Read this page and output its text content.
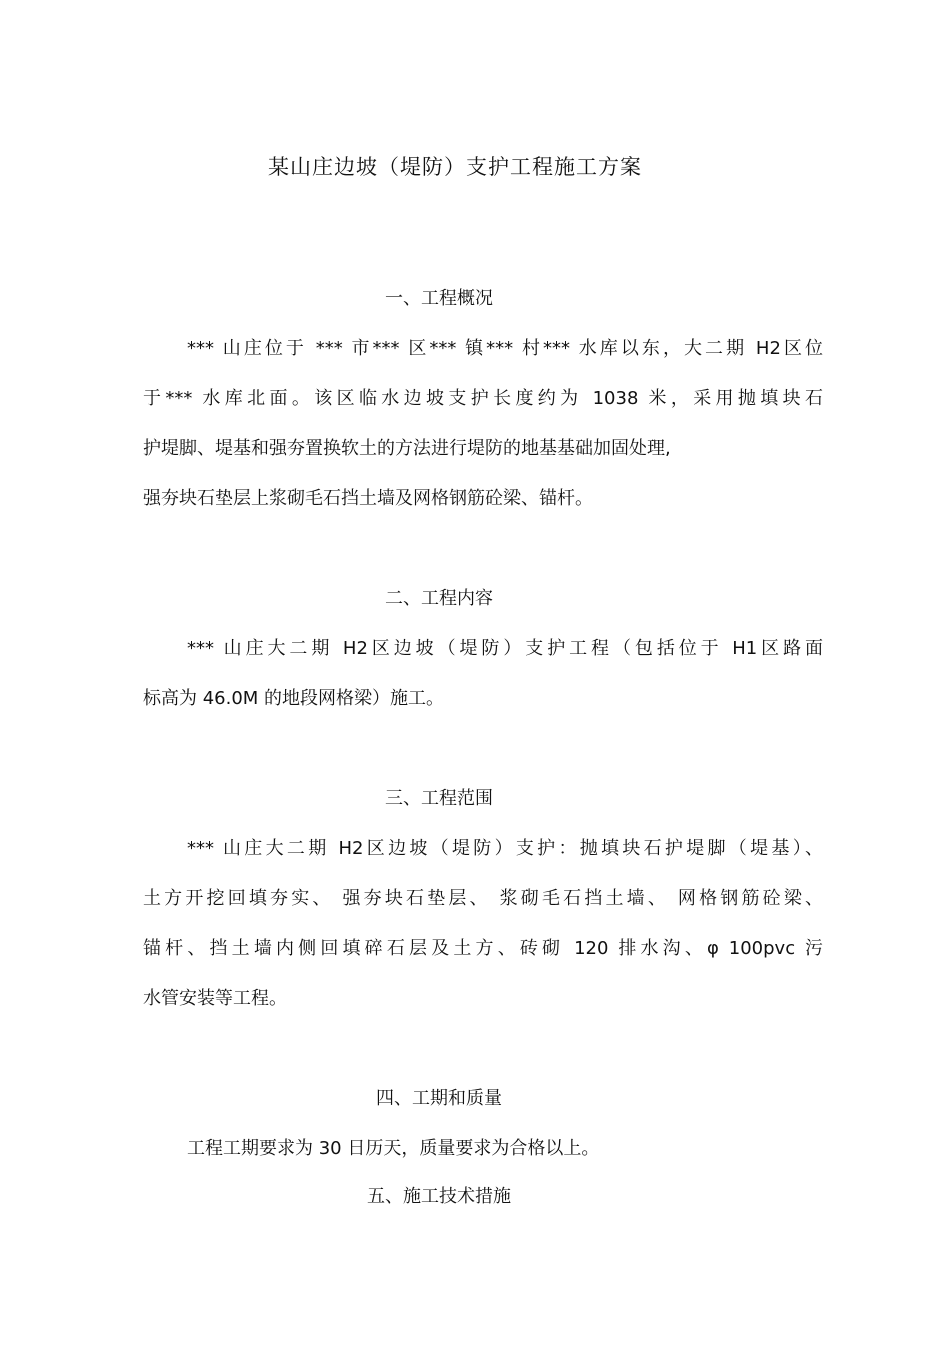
某山庄边坡（堤防）支护工程施工方案
一、工程概况
*** 山庄位于 *** 市*** 区*** 镇*** 村*** 水库以东，大二期 H2区位
于*** 水库北面。该区临水边坡支护长度约为 1038 米，采用抛填块石
护堤脚、堤基和强夯置换软土的方法进行堤防的地基基础加固处理,
强夯块石垫层上浆砌毛石挡土墙及网格钢筋砼梁、锚杆。
二、工程内容
*** 山庄大二期 H2区边坡（堤防）支护工程（包括位于 H1区路面
标高为 46.0M 的地段网格梁）施工。
三、工程范围
*** 山庄大二期 H2区边坡（堤防）支护：抛填块石护堤脚（堤基）、
土方开挖回填夯实、 强夯块石垫层、 浆砌毛石挡土墙、 网格钢筋砼梁、
锚杆、挡土墙内侧回填碎石层及土方、砖砌 120 排水沟、φ 100pvc 污
水管安装等工程。
四、工期和质量
工程工期要求为 30 日历天，质量要求为合格以上。
五、施工技术措施
